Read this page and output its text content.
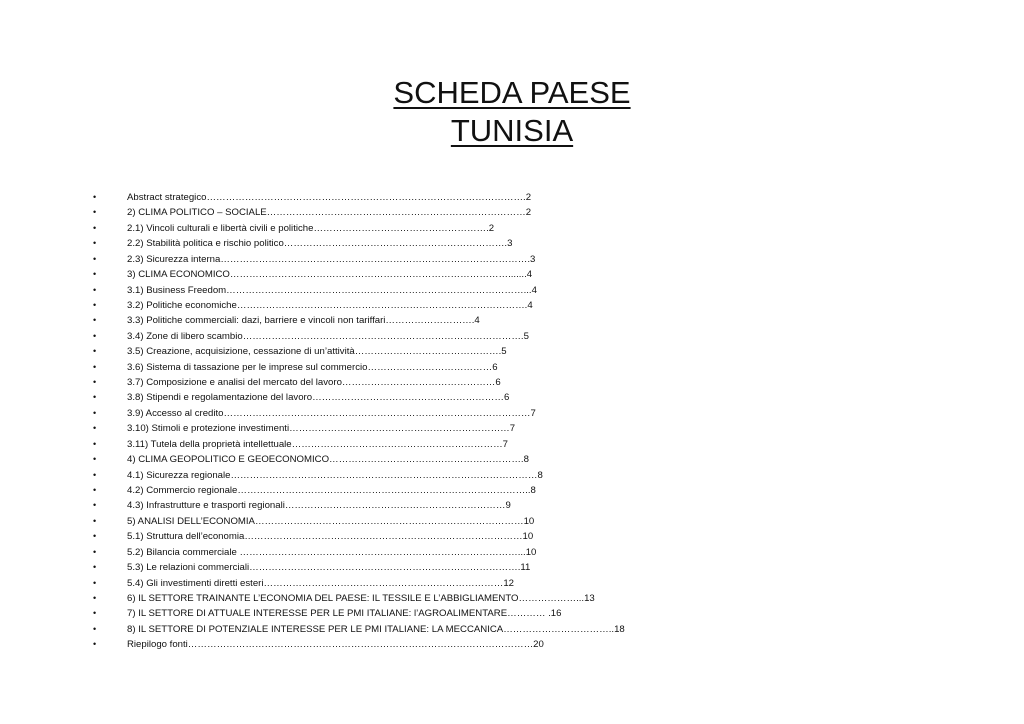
SCHEDA PAESE
TUNISIA
•	Abstract strategico……………………………………………………………………………………….2
•	2) CLIMA POLITICO – SOCIALE………………………………………………………………………2
•	2.1) Vincoli culturali e libertà civili e politiche……………………………………………….2
•	2.2) Stabilità politica e rischio politico…………………………………………………………….3
•	2.3) Sicurezza interna…………………………………………………………………………………….3
•	3) CLIMA ECONOMICO…………………………………………………………………………….......4
•	3.1) Business Freedom…………………………………………………………………………………...4
•	3.2) Politiche economiche……………………………………………………………………………….4
•	3.3) Politiche commerciali: dazi, barriere e vincoli non tariffari……………………….4
•	3.4) Zone di libero scambio…………………………………………………………………………….5
•	3.5) Creazione, acquisizione, cessazione di un’attività……………………………………….5
•	3.6) Sistema di tassazione per le imprese sul commercio…………………………………6
•	3.7) Composizione e analisi del mercato del lavoro…………………………………………6
•	3.8) Stipendi e regolamentazione del lavoro……………………………………………………6
•	3.9) Accesso al credito……………………………………………………………………………………7
•	3.10) Stimoli e protezione investimenti……………………………………………………………7
•	3.11) Tutela della proprietà intellettuale…………………………………………………………7
•	4) CLIMA GEOPOLITICO E GEOECONOMICO…………………………………………………….8
•	4.1) Sicurezza regionale……………………………………………………………………………………8
•	4.2) Commercio regionale………………………………………………………………………………..8
•	4.3) Infrastrutture e trasporti regionali……………………………………………………………9
•	5) ANALISI DELL’ECONOMIA…………………………………………………………………………10
•	5.1) Struttura dell’economia……………………………………………………………………………10
•	5.2) Bilancia commerciale ……………………………………………………………………………...10
•	5.3) Le relazioni commerciali………………………………………………………………………….11
•	5.4) Gli investimenti diretti esteri…………………………………………………………………12
•	6) IL SETTORE TRAINANTE L’ECONOMIA DEL PAESE: IL TESSILE E L’ABBIGLIAMENTO………………...13
•	7) IL SETTORE DI ATTUALE INTERESSE PER LE PMI ITALIANE: l’AGROALIMENTARE………… .16
•	8) IL SETTORE DI POTENZIALE INTERESSE PER LE PMI ITALIANE: LA MECCANICA……………………………..18
•	Riepilogo fonti………………………………………………………………………………………………20
